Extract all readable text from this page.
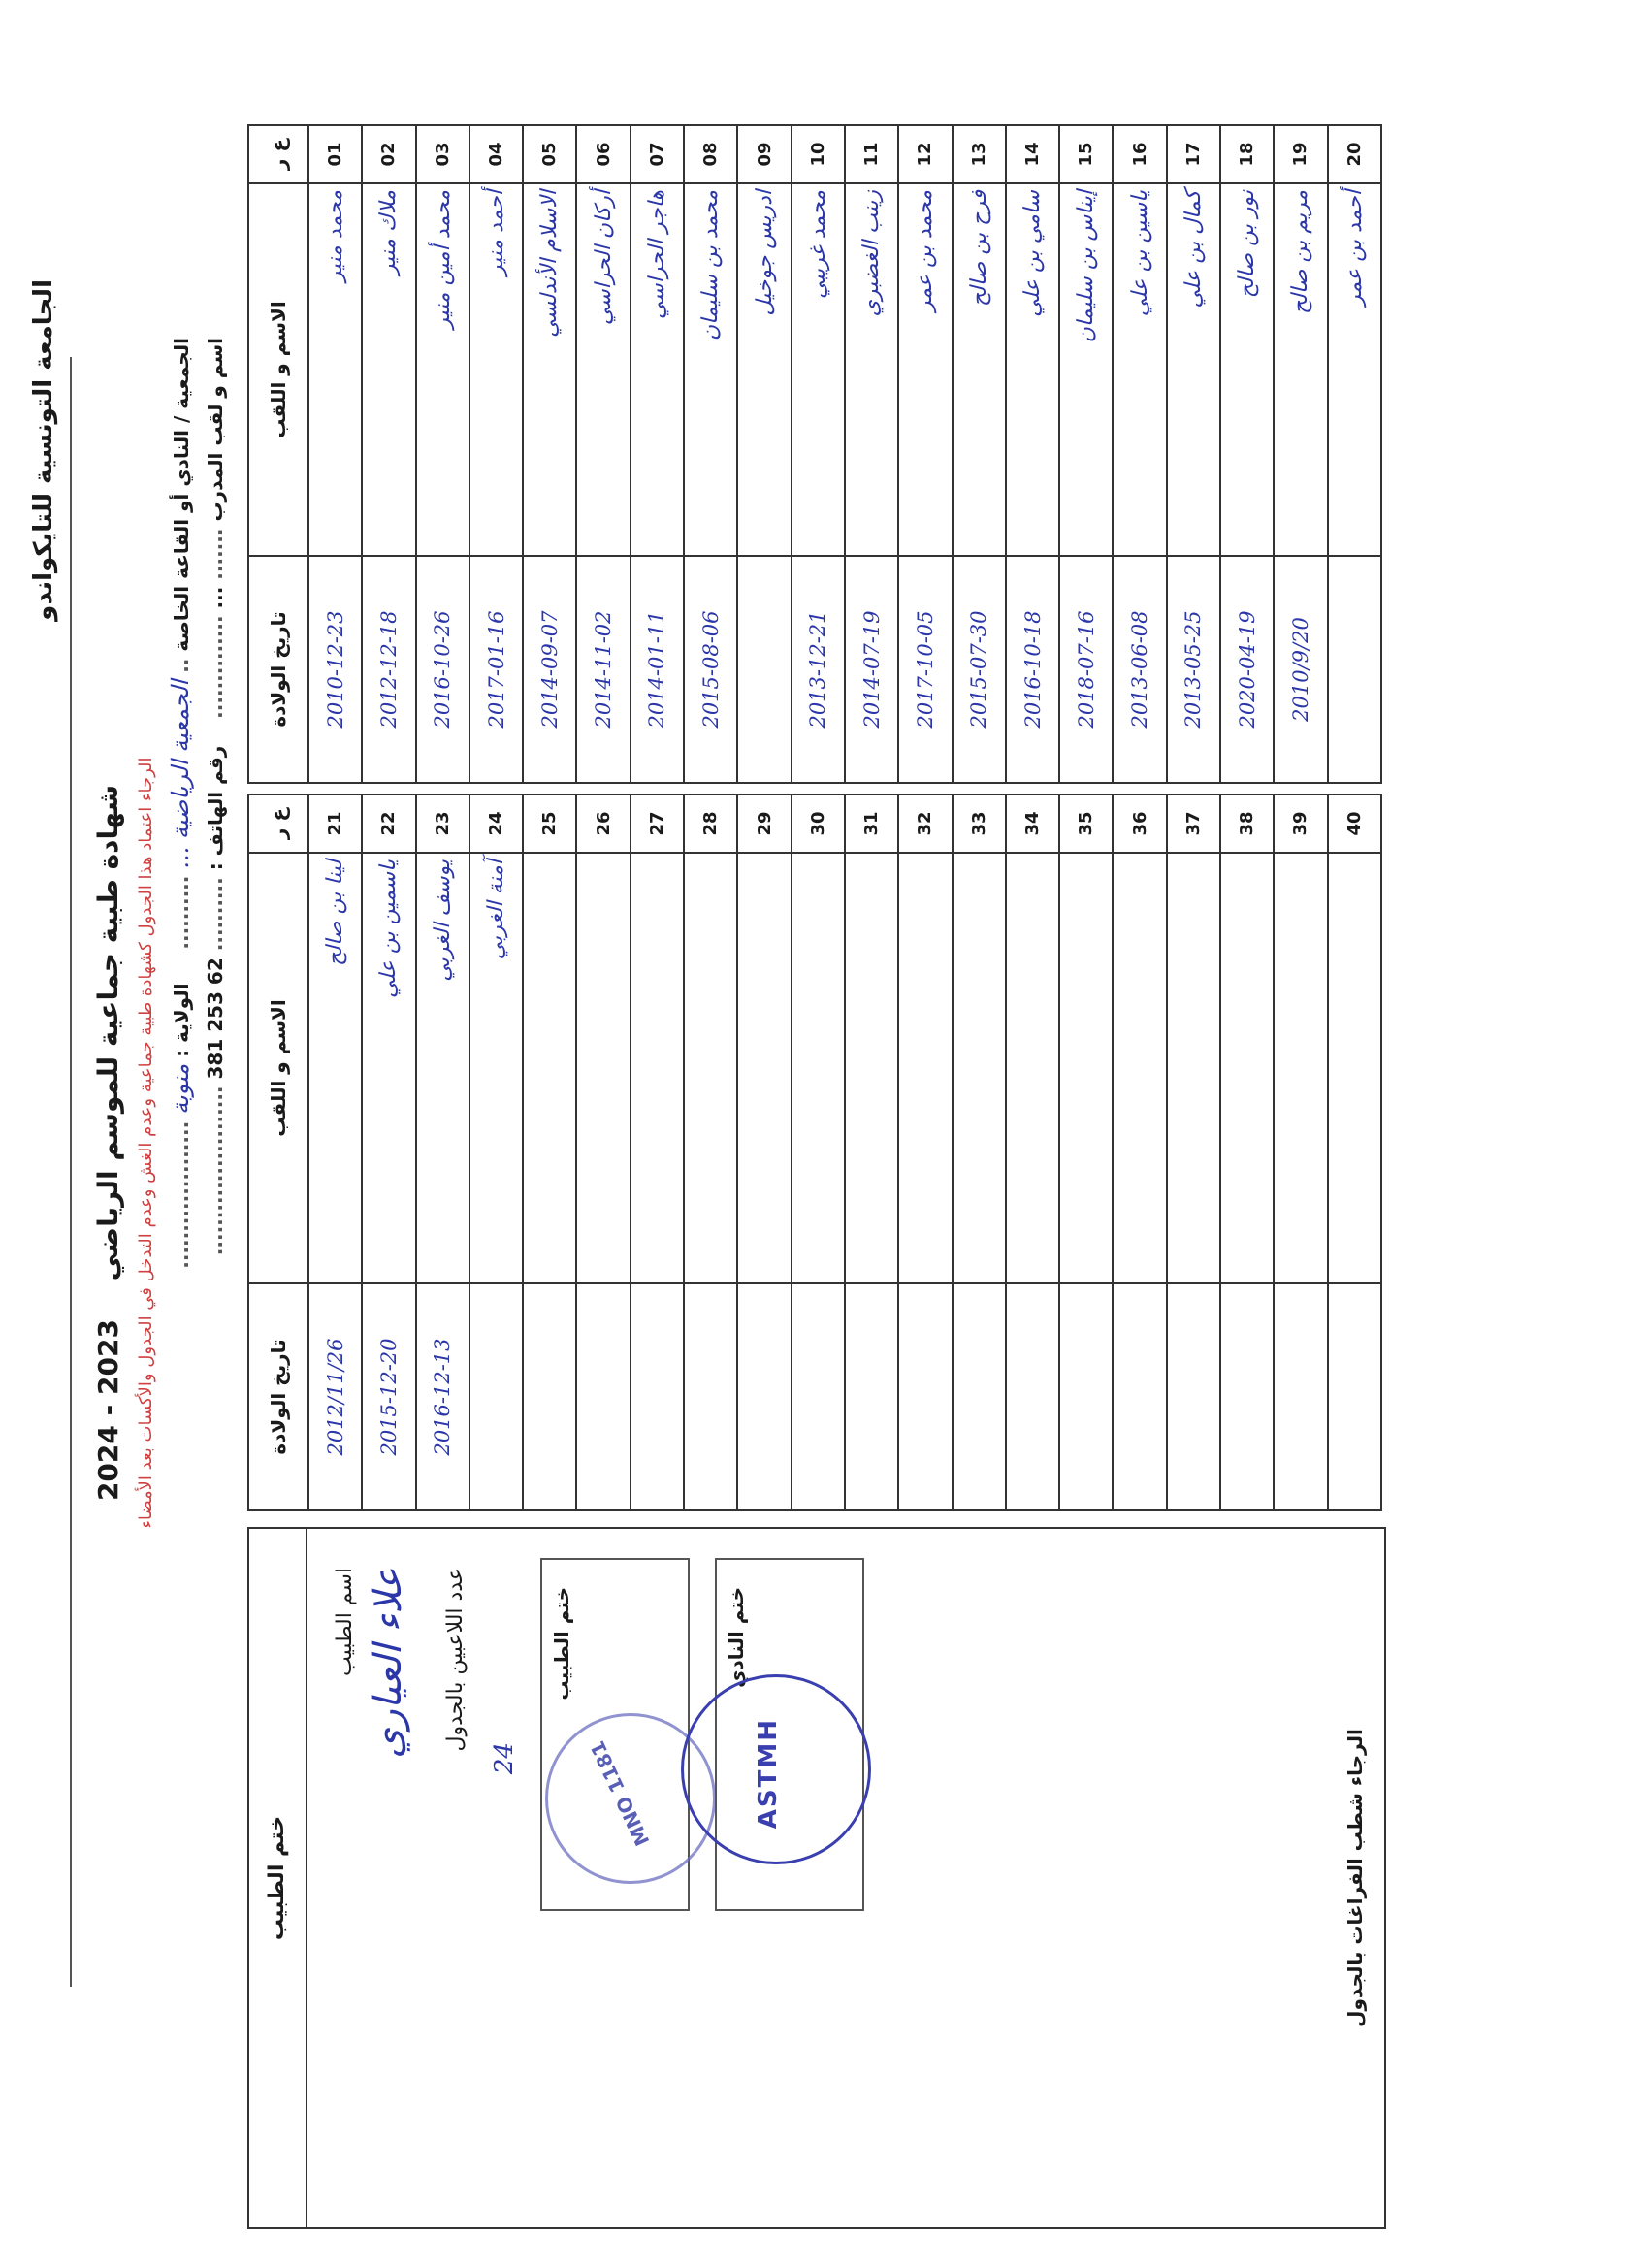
الجامعة التونسية للتايكواندو
شهادة طبية جماعية للموسم الرياضي 2023 - 2024 الرجاء اعتماد هذا الجدول كشهادة طبية جماعية وعدم الغش وعدم التدخل في الجدول والأكسات بعد الأمضاء
الجمعية / النادي أو القاعة الخاصة .. الجمعية الرياضية ... ..........     الولاية : منوبة ....................
اسم و لقب المدرب ....... ... ..............    رقم الهاتف : .......... 62 253 381 .......................
ع ر	الاسم و اللقب	تاريخ الولادة
01	محمد منير	2010-12-23
02	ملاك منير	2012-12-18
03	محمد أمين منير	2016-10-26
04	أحمد منير	2017-01-16
05	الاسلام الأندلسي	2014-09-07
06	أركان الحراسي	2014-11-02
07	هاجر الحراسي	2014-01-11
08	محمد بن سليمان	2015-08-06
09	ادريس جوخيل	
10	محمد غريبي	2013-12-21
11	زينب الغضبري	2014-07-19
12	محمد بن عمر	2017-10-05
13	فرح بن صالح	2015-07-30
14	سامي بن علي	2016-10-18
15	إيناس بن سليمان	2018-07-16
16	ياسين بن علي	2013-06-08
17	كمال بن علي	2013-05-25
18	نور بن صالح	2020-04-19
19	مريم بن صالح	2010/9/20
20	أحمد بن عمر	
ع ر	الاسم و اللقب	تاريخ الولادة
21	لينا بن صالح	2012/11/26
22	ياسمين بن علي	2015-12-20
23	يوسف الغربي	2016-12-13
24	آمنة الغربي	
25		
26		
27		
28		
29		
30		
31		
32		
33		
34		
35		
36		
37		
38		
39		
40		
ختم الطبيب
اسم الطبيب علاء العياري عدد اللاعبين بالجدول
24
ختم الطبيب
1181 MNO
ختم النادي
ASTMH	الرجاء شطب الفراغات بالجدول
